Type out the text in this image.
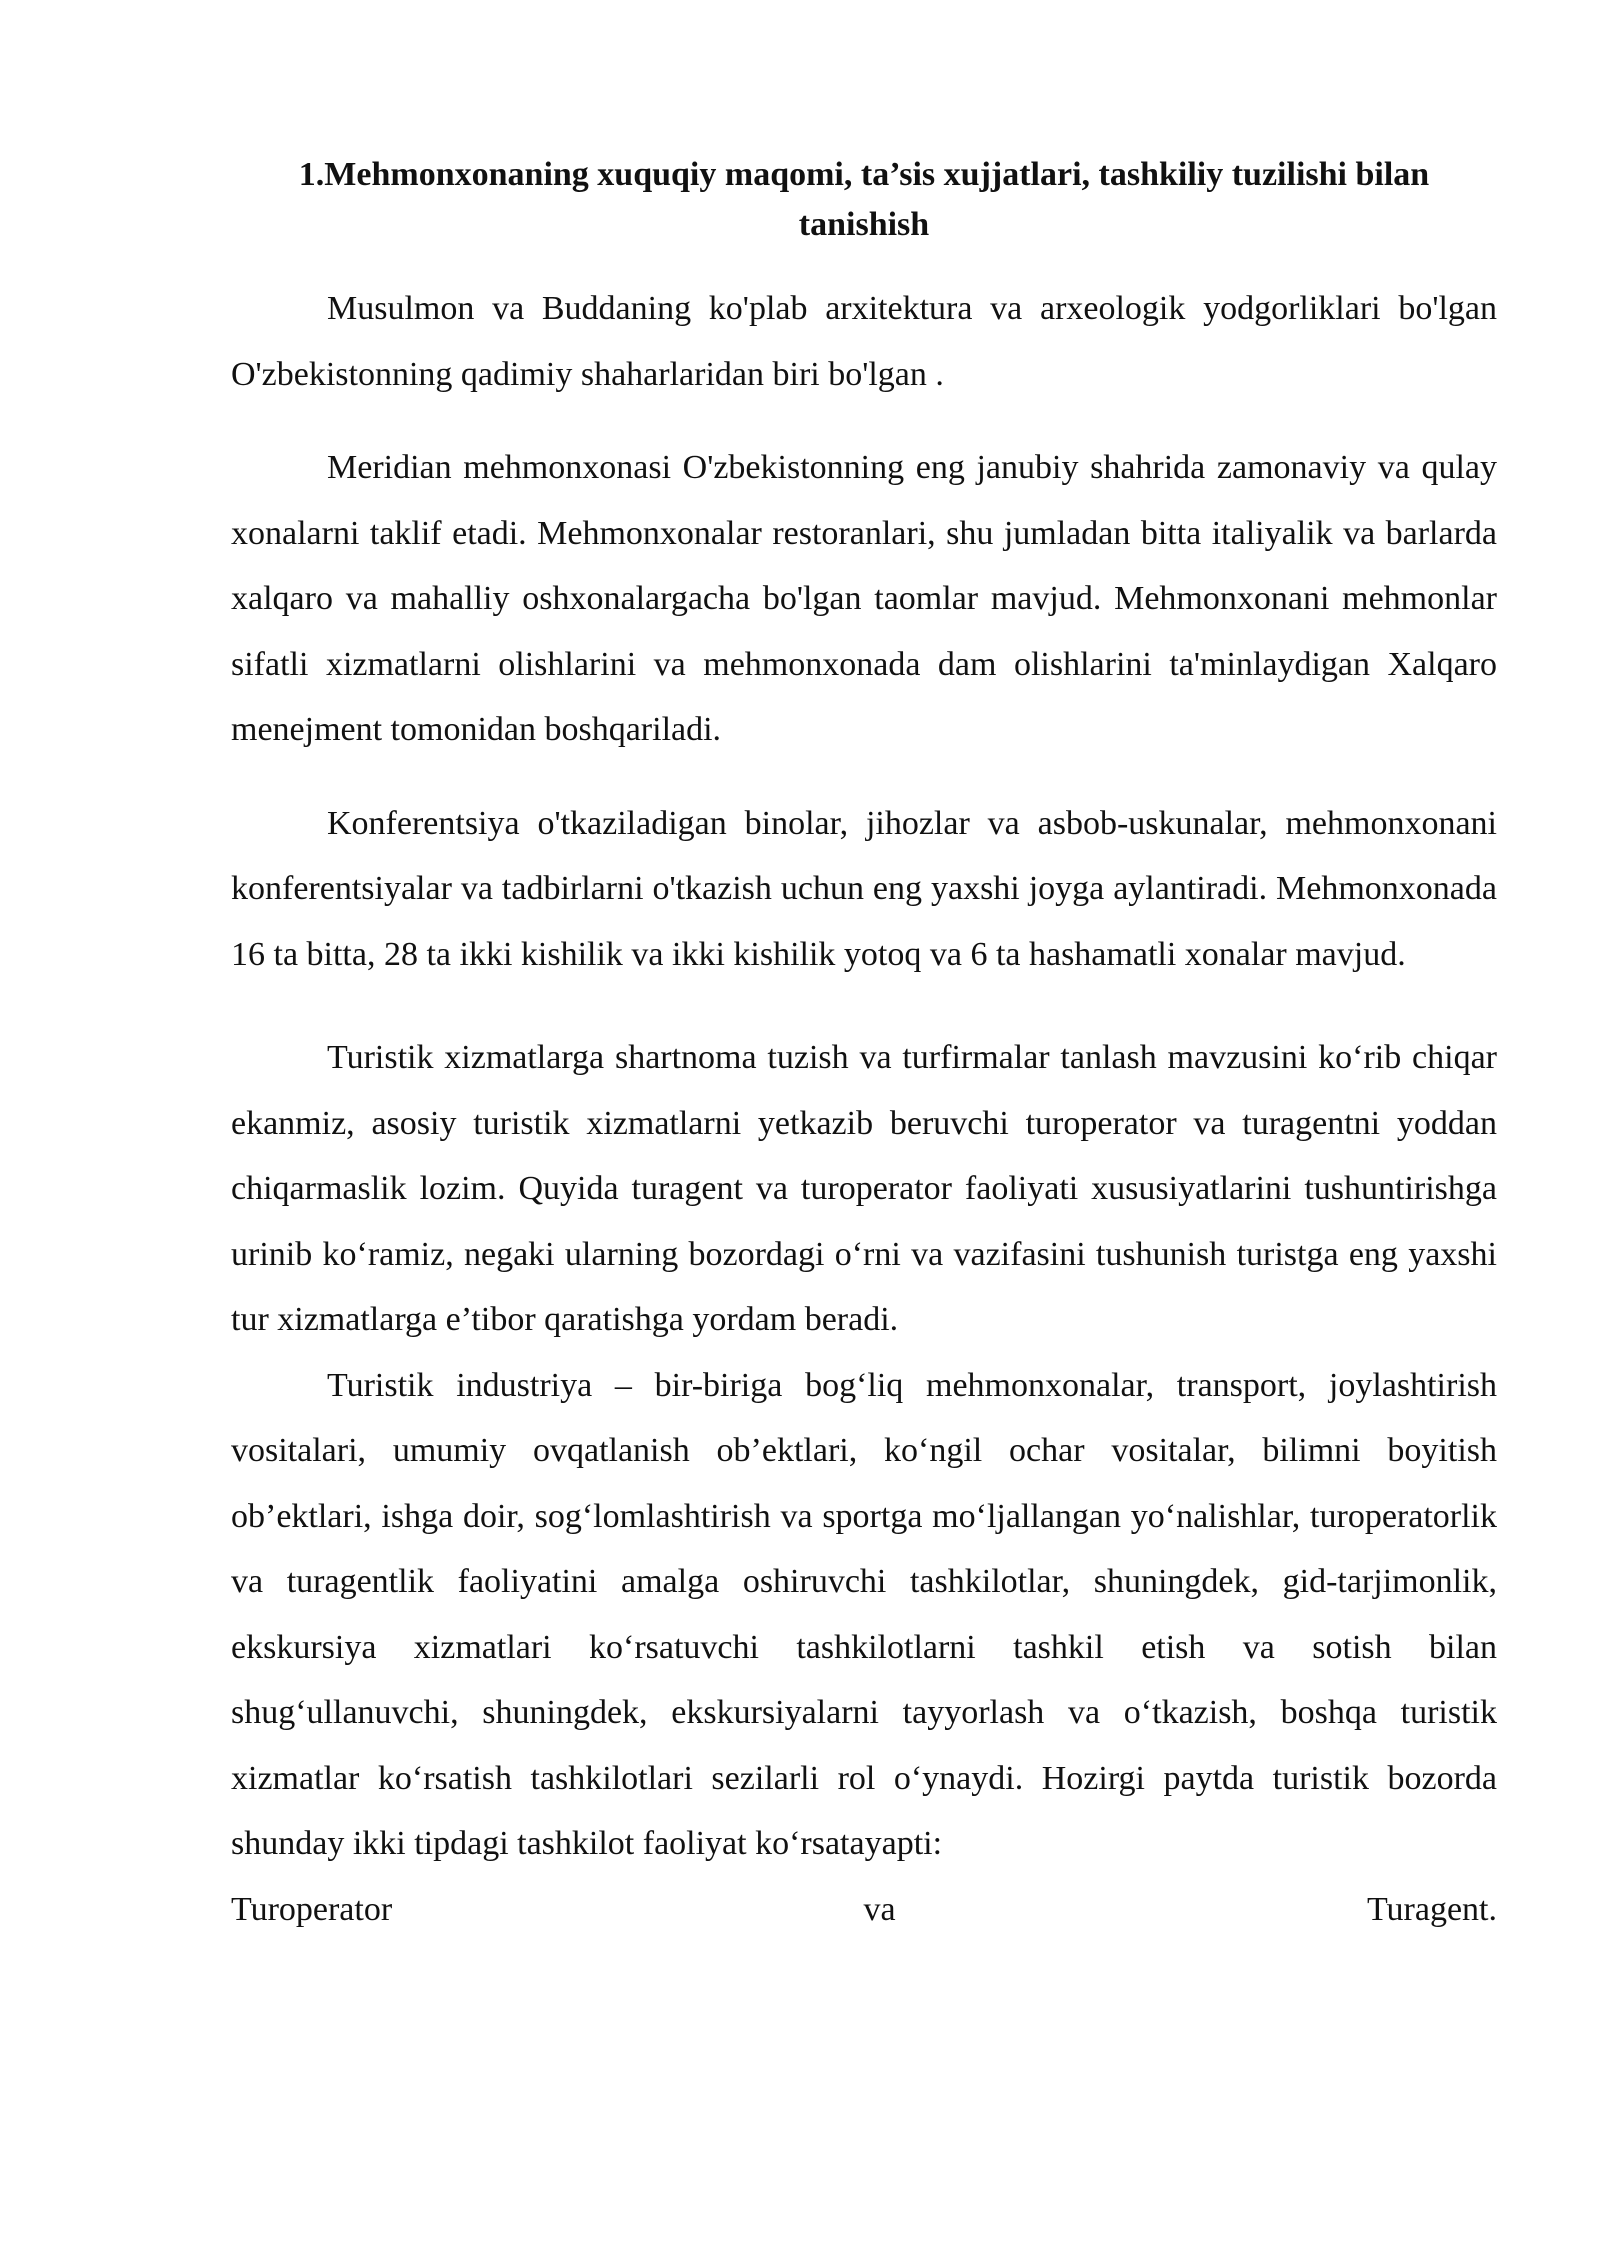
1.Mehmonxonaning xuquqiy maqomi, ta’sis xujjatlari, tashkiliy tuzilishi bilan tanishish

Musulmon va Buddaning ko'plab arxitektura va arxeologik yodgorliklari bo'lgan O'zbekistonning qadimiy shaharlaridan biri bo'lgan .

Meridian mehmonxonasi O'zbekistonning eng janubiy shahrida zamonaviy va qulay xonalarni taklif etadi. Mehmonxonalar restoranlari, shu jumladan bitta italiyalik va barlarda xalqaro va mahalliy oshxonalargacha bo'lgan taomlar mavjud. Mehmonxonani mehmonlar sifatli xizmatlarni olishlarini va mehmonxonada dam olishlarini ta'minlaydigan Xalqaro menejment tomonidan boshqariladi.

Konferentsiya o'tkaziladigan binolar, jihozlar va asbob-uskunalar, mehmonxonani konferentsiyalar va tadbirlarni o'tkazish uchun eng yaxshi joyga aylantiradi. Mehmonxonada 16 ta bitta, 28 ta ikki kishilik va ikki kishilik yotoq va 6 ta hashamatli xonalar mavjud.

Turistik xizmatlarga shartnoma tuzish va turfirmalar tanlash mavzusini ko‘rib chiqar ekanmiz, asosiy turistik xizmatlarni yetkazib beruvchi turoperator va turagentni yoddan chiqarmaslik lozim. Quyida turagent va turoperator faoliyati xususiyatlarini tushuntirishga urinib ko‘ramiz, negaki ularning bozordagi o‘rni va vazifasini tushunish turistga eng yaxshi tur xizmatlarga e’tibor qaratishga yordam beradi.

Turistik industriya – bir-biriga bog‘liq mehmonxonalar, transport, joylashtirish vositalari, umumiy ovqatlanish ob’ektlari, ko‘ngil ochar vositalar, bilimni boyitish ob’ektlari, ishga doir, sog‘lomlashtirish va sportga mo‘ljallangan yo‘nalishlar, turoperatorlik va turagentlik faoliyatini amalga oshiruvchi tashkilotlar, shuningdek, gid-tarjimonlik, ekskursiya xizmatlari ko‘rsatuvchi tashkilotlarni tashkil etish va sotish bilan shug‘ullanuvchi, shuningdek, ekskursiyalarni tayyorlash va o‘tkazish, boshqa turistik xizmatlar ko‘rsatish tashkilotlari sezilarli rol o‘ynaydi. Hozirgi paytda turistik bozorda shunday ikki tipdagi tashkilot faoliyat ko‘rsatayapti:

Turoperator	va	Turagent.
